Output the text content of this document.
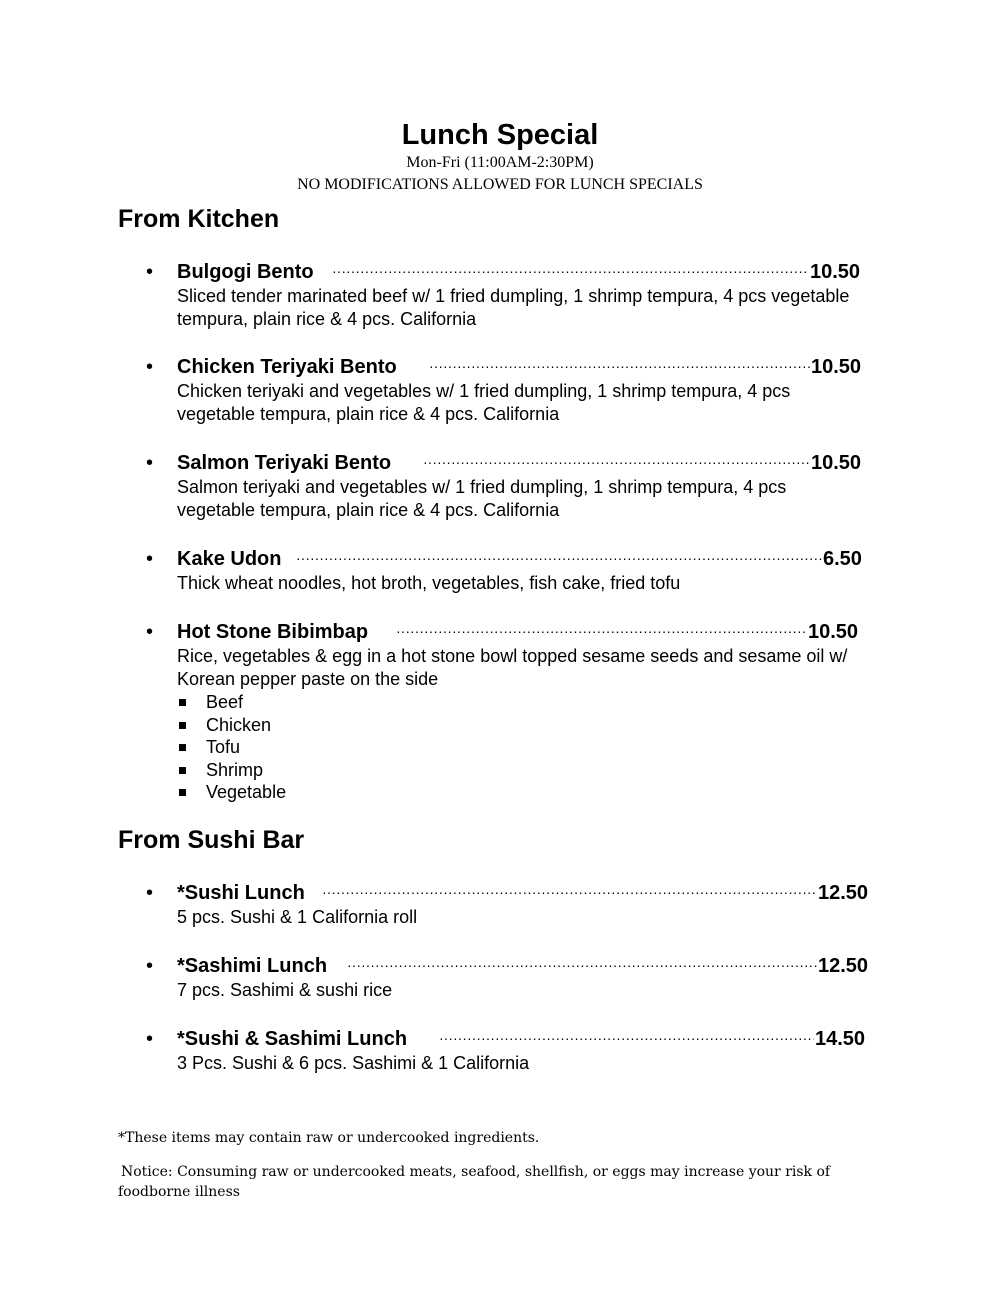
Lunch Special
Mon-Fri (11:00AM-2:30PM)
NO MODIFICATIONS ALLOWED FOR LUNCH SPECIALS
From Kitchen
• Bulgogi Bento ·····	10.50
Sliced tender marinated beef w/ 1 fried dumpling, 1 shrimp tempura, 4 pcs vegetable tempura, plain rice & 4 pcs. California
• Chicken Teriyaki Bento ·····	10.50
Chicken teriyaki and vegetables w/ 1 fried dumpling, 1 shrimp tempura, 4 pcs vegetable tempura, plain rice & 4 pcs. California
• Salmon Teriyaki Bento ·····	10.50
Salmon teriyaki and vegetables w/ 1 fried dumpling, 1 shrimp tempura, 4 pcs vegetable tempura, plain rice & 4 pcs. California
• Kake Udon ·····	6.50
Thick wheat noodles, hot broth, vegetables, fish cake, fried tofu
• Hot Stone Bibimbap ·····	10.50
Rice, vegetables & egg in a hot stone bowl topped sesame seeds and sesame oil w/ Korean pepper paste on the side
Beef
Chicken
Tofu
Shrimp
Vegetable
From Sushi Bar
• *Sushi Lunch ·····	12.50
5 pcs. Sushi & 1 California roll
• *Sashimi Lunch ·····	12.50
7 pcs. Sashimi & sushi rice
• *Sushi & Sashimi Lunch ·····	14.50
3 Pcs. Sushi & 6 pcs. Sashimi & 1 California
*These items may contain raw or undercooked ingredients.
Notice: Consuming raw or undercooked meats, seafood, shellfish, or eggs may increase your risk of foodborne illness
